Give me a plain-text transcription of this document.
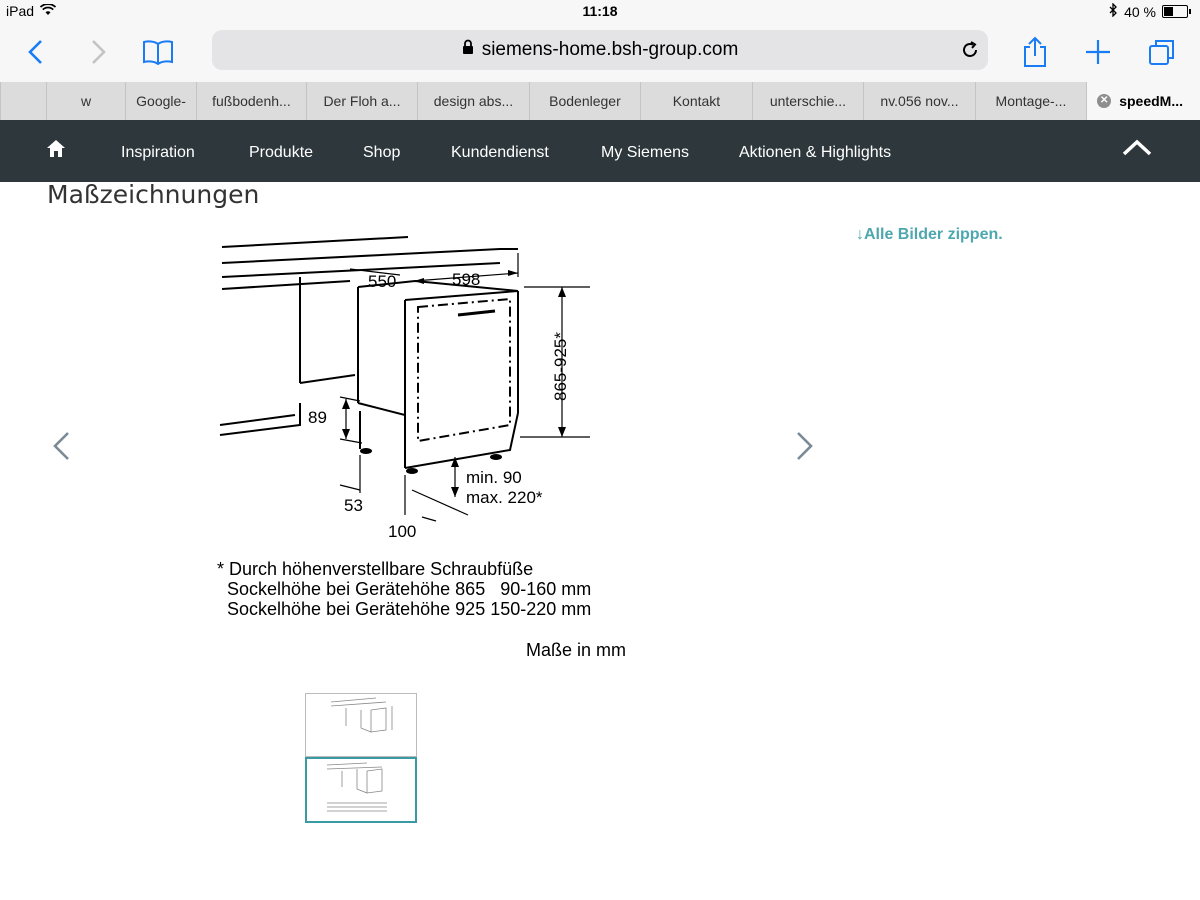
iPad	11:18	40 %
siemens-home.bsh-group.com
w	Google- fußbodenh... Der Floh a... design abs...	Bodenleger	Kontakt	unterschie... nv.056 nov...	Montage-...	✕ speedM...
Inspiration	Produkte	Shop	Kundendienst	My Siemens	Aktionen & Highlights
Maßzeichnungen
↓Alle Bilder zippen.
550	598
865-925*
89
min. 90
max. 220*
53
100
* Durch höhenverstellbare Schraubfüße
Sockelhöhe bei Gerätehöhe 865   90-160 mm
Sockelhöhe bei Gerätehöhe 925 150-220 mm
Maße in mm
